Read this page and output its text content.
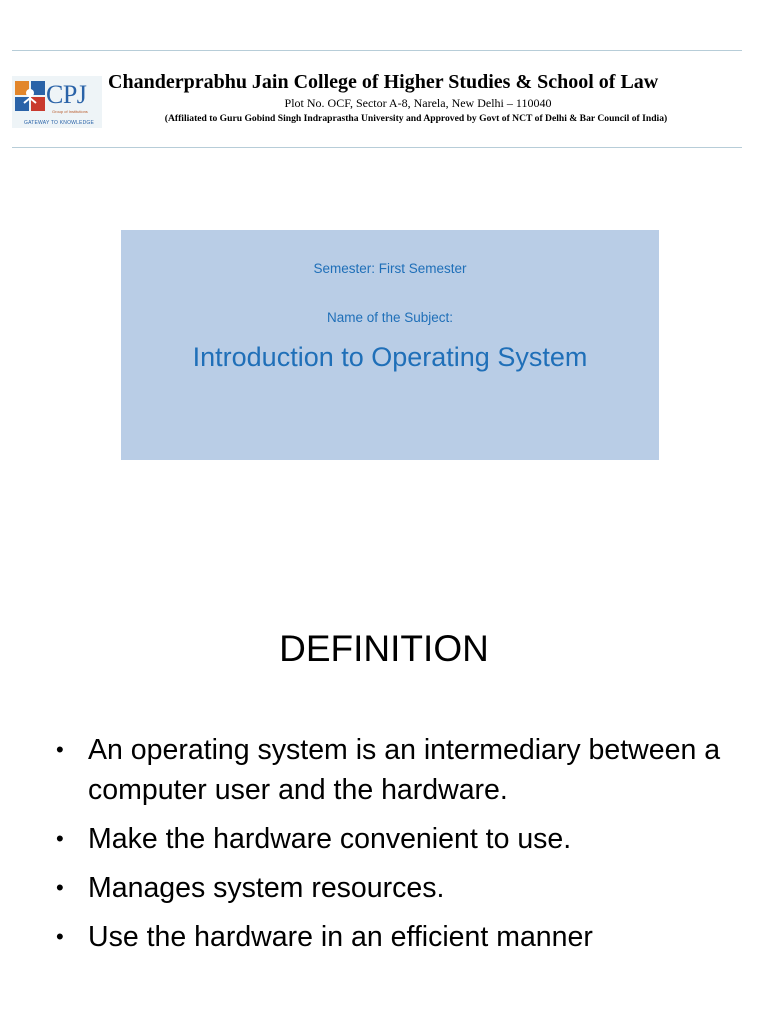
CPJ
Group of Institutions
GATEWAY TO KNOWLEDGE
Chanderprabhu Jain College of Higher Studies & School of Law
Plot No. OCF, Sector A-8, Narela, New Delhi – 110040
(Affiliated to Guru Gobind Singh Indraprastha University and Approved by Govt of NCT of Delhi & Bar Council of India)
Semester: First Semester
Name of the Subject:
Introduction to Operating System
DEFINITION
• An operating system is an intermediary between a computer user and the hardware.
• Make the hardware convenient to use.
• Manages system resources.
• Use the hardware in an efficient manner
